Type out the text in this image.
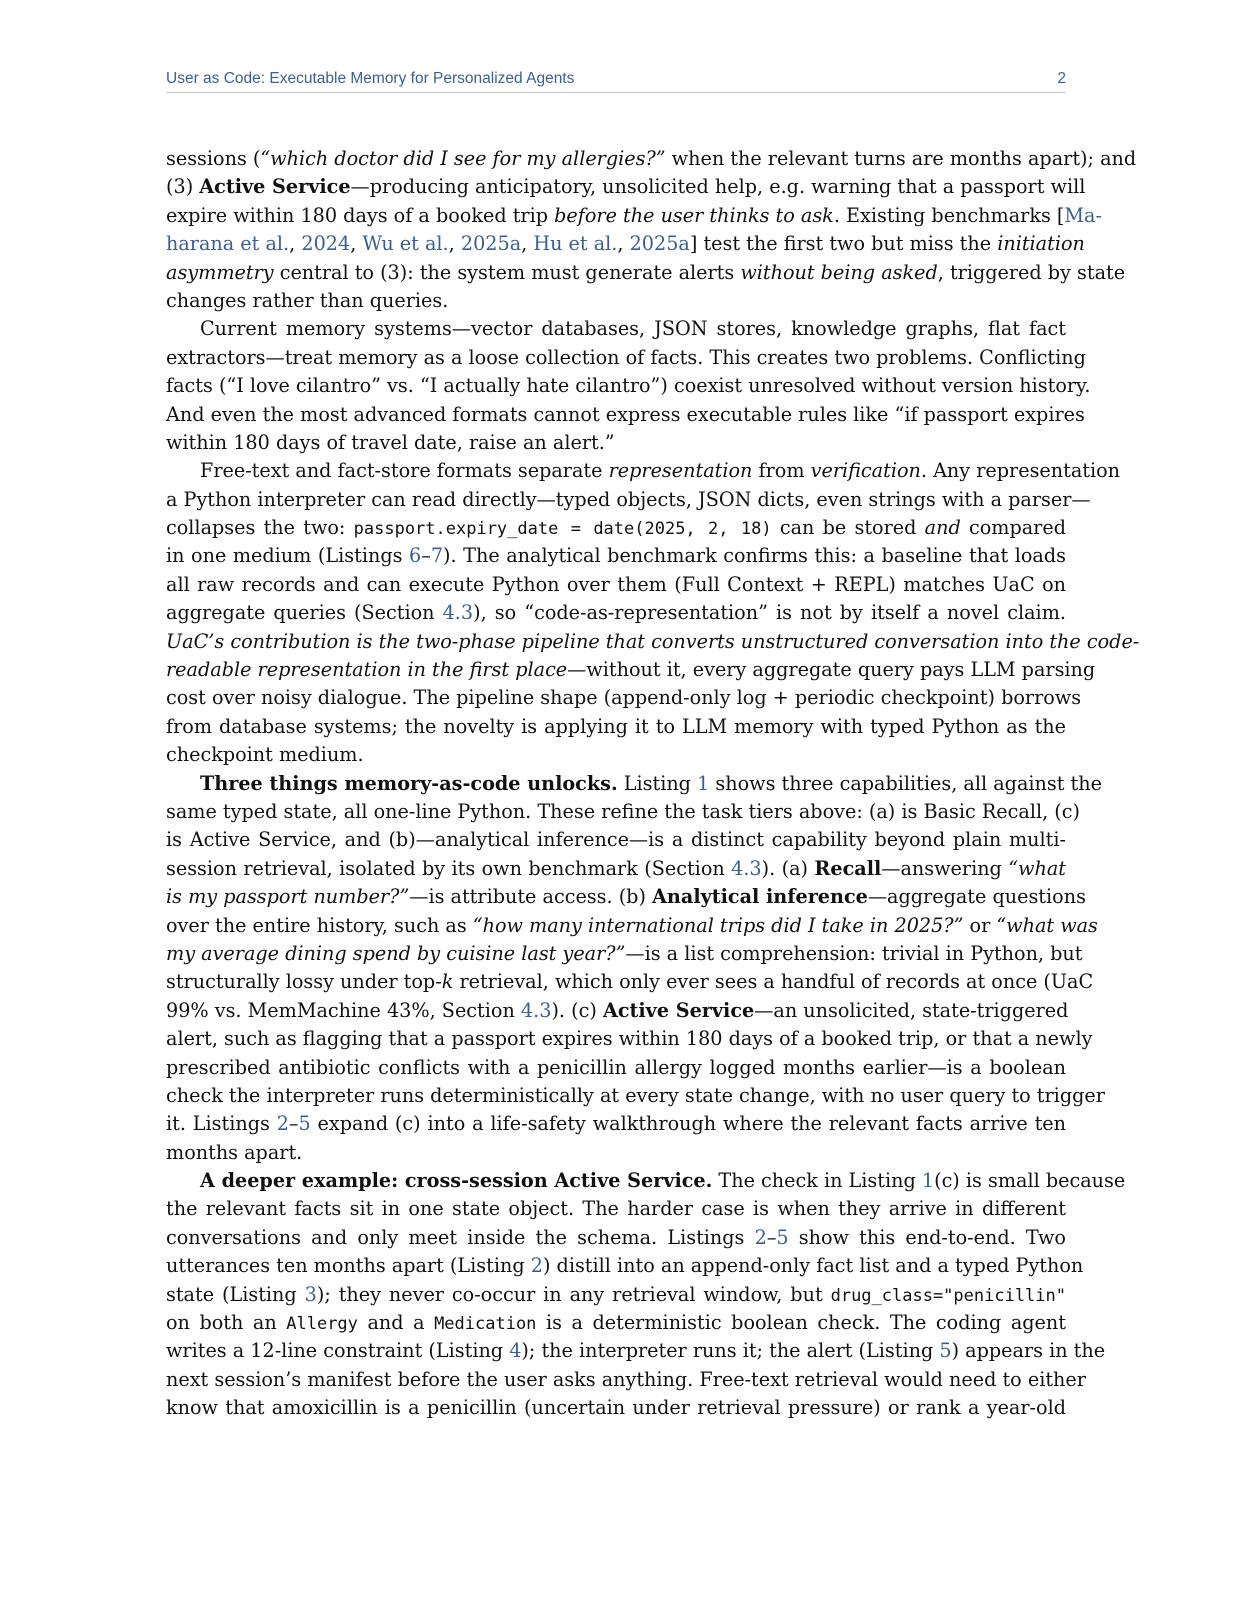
User as Code: Executable Memory for Personalized Agents	2
sessions (“which doctor did I see for my allergies?” when the relevant turns are months apart); and
(3) Active Service—producing anticipatory, unsolicited help, e.g. warning that a passport will
expire within 180 days of a booked trip before the user thinks to ask. Existing benchmarks [Ma-
harana et al., 2024, Wu et al., 2025a, Hu et al., 2025a] test the first two but miss the initiation
asymmetry central to (3): the system must generate alerts without being asked, triggered by state
changes rather than queries.
Current memory systems—vector databases, JSON stores, knowledge graphs, flat fact
extractors—treat memory as a loose collection of facts. This creates two problems. Conflicting
facts (“I love cilantro” vs. “I actually hate cilantro”) coexist unresolved without version history.
And even the most advanced formats cannot express executable rules like “if passport expires
within 180 days of travel date, raise an alert.”
Free-text and fact-store formats separate representation from verification. Any representation
a Python interpreter can read directly—typed objects, JSON dicts, even strings with a parser—
collapses the two: passport.expiry_date = date(2025, 2, 18) can be stored and compared
in one medium (Listings 6–7). The analytical benchmark confirms this: a baseline that loads
all raw records and can execute Python over them (Full Context + REPL) matches UaC on
aggregate queries (Section 4.3), so “code-as-representation” is not by itself a novel claim.
UaC’s contribution is the two-phase pipeline that converts unstructured conversation into the code-
readable representation in the first place—without it, every aggregate query pays LLM parsing
cost over noisy dialogue. The pipeline shape (append-only log + periodic checkpoint) borrows
from database systems; the novelty is applying it to LLM memory with typed Python as the
checkpoint medium.
Three things memory-as-code unlocks. Listing 1 shows three capabilities, all against the
same typed state, all one-line Python. These refine the task tiers above: (a) is Basic Recall, (c)
is Active Service, and (b)—analytical inference—is a distinct capability beyond plain multi-
session retrieval, isolated by its own benchmark (Section 4.3). (a) Recall—answering “what
is my passport number?”—is attribute access. (b) Analytical inference—aggregate questions
over the entire history, such as “how many international trips did I take in 2025?” or “what was
my average dining spend by cuisine last year?”—is a list comprehension: trivial in Python, but
structurally lossy under top-k retrieval, which only ever sees a handful of records at once (UaC
99% vs. MemMachine 43%, Section 4.3). (c) Active Service—an unsolicited, state-triggered
alert, such as flagging that a passport expires within 180 days of a booked trip, or that a newly
prescribed antibiotic conflicts with a penicillin allergy logged months earlier—is a boolean
check the interpreter runs deterministically at every state change, with no user query to trigger
it. Listings 2–5 expand (c) into a life-safety walkthrough where the relevant facts arrive ten
months apart.
A deeper example: cross-session Active Service. The check in Listing 1(c) is small because
the relevant facts sit in one state object. The harder case is when they arrive in different
conversations and only meet inside the schema. Listings 2–5 show this end-to-end. Two
utterances ten months apart (Listing 2) distill into an append-only fact list and a typed Python
state (Listing 3); they never co-occur in any retrieval window, but drug_class="penicillin"
on both an Allergy and a Medication is a deterministic boolean check. The coding agent
writes a 12-line constraint (Listing 4); the interpreter runs it; the alert (Listing 5) appears in the
next session’s manifest before the user asks anything. Free-text retrieval would need to either
know that amoxicillin is a penicillin (uncertain under retrieval pressure) or rank a year-old
